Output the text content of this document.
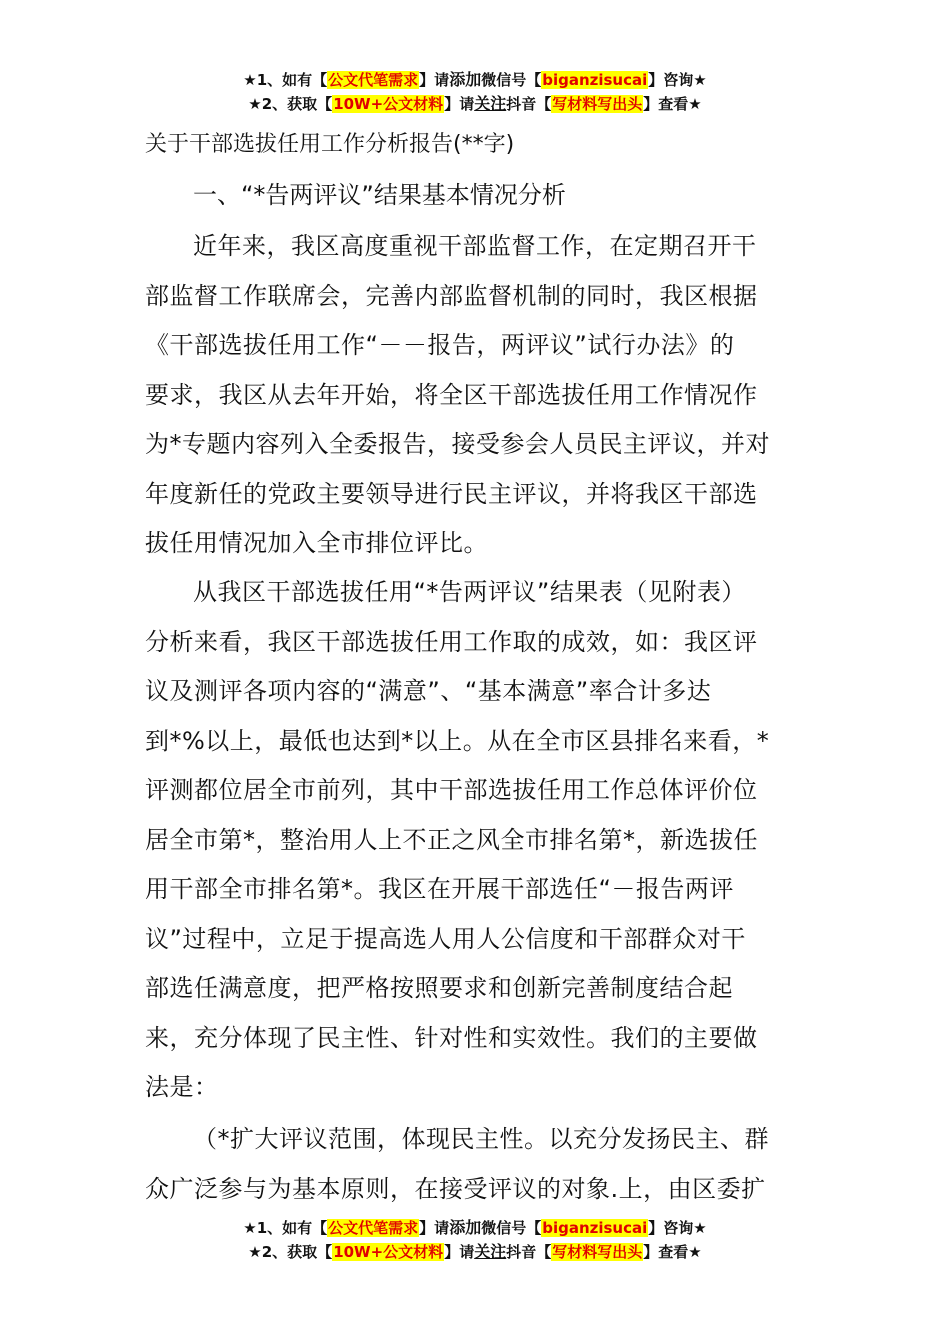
★1、如有【公文代笔需求】请添加微信号【biganzisucai】咨询★
★2、获取【10W+公文材料】请关注抖音【写材料写出头】查看★
关于干部选拔任用工作分析报告(**字)
一、“*告两评议”结果基本情况分析
近年来，我区高度重视干部监督工作，在定期召开干
部监督工作联席会，完善内部监督机制的同时，我区根据
《干部选拔任用工作“－－报告，两评议”试行办法》的
要求，我区从去年开始，将全区干部选拔任用工作情况作
为*专题内容列入全委报告，接受参会人员民主评议，并对
年度新任的党政主要领导进行民主评议，并将我区干部选
拔任用情况加入全市排位评比。
从我区干部选拔任用“*告两评议”结果表（见附表）
分析来看，我区干部选拔任用工作取的成效，如：我区评
议及测评各项内容的“满意”、“基本满意”率合计多达
到*%以上，最低也达到*以上。从在全市区县排名来看，*
评测都位居全市前列，其中干部选拔任用工作总体评价位
居全市第*，整治用人上不正之风全市排名第*，新选拔任
用干部全市排名第*。我区在开展干部选任“－报告两评
议”过程中，立足于提高选人用人公信度和干部群众对干
部选任满意度，把严格按照要求和创新完善制度结合起
来，充分体现了民主性、针对性和实效性。我们的主要做
法是：
（*扩大评议范围，体现民主性。以充分发扬民主、群
众广泛参与为基本原则，在接受评议的对象.上，由区委扩
★1、如有【公文代笔需求】请添加微信号【biganzisucai】咨询★
★2、获取【10W+公文材料】请关注抖音【写材料写出头】查看★
